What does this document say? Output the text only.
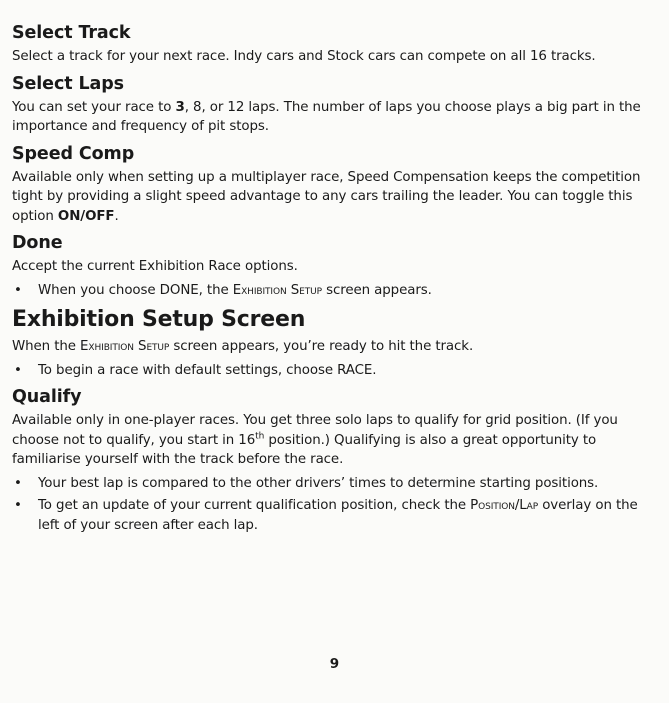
Select Track

Select a track for your next race. Indy cars and Stock cars can compete on all 16 tracks.

Select Laps

You can set your race to 3, 8, or 12 laps. The number of laps you choose plays a big part in the importance and frequency of pit stops.

Speed Comp

Available only when setting up a multiplayer race, Speed Compensation keeps the competition tight by providing a slight speed advantage to any cars trailing the leader. You can toggle this option ON/OFF.

Done

Accept the current Exhibition Race options.

• When you choose DONE, the Exhibition Setup screen appears.
Exhibition Setup Screen

When the Exhibition Setup screen appears, you’re ready to hit the track.

• To begin a race with default settings, choose RACE.
Qualify

Available only in one-player races. You get three solo laps to qualify for grid position. (If you choose not to qualify, you start in 16th position.) Qualifying is also a great opportunity to familiarise yourself with the track before the race.

• Your best lap is compared to the other drivers’ times to determine starting positions.
• To get an update of your current qualification position, check the Position/Lap overlay on the left of your screen after each lap.
9
